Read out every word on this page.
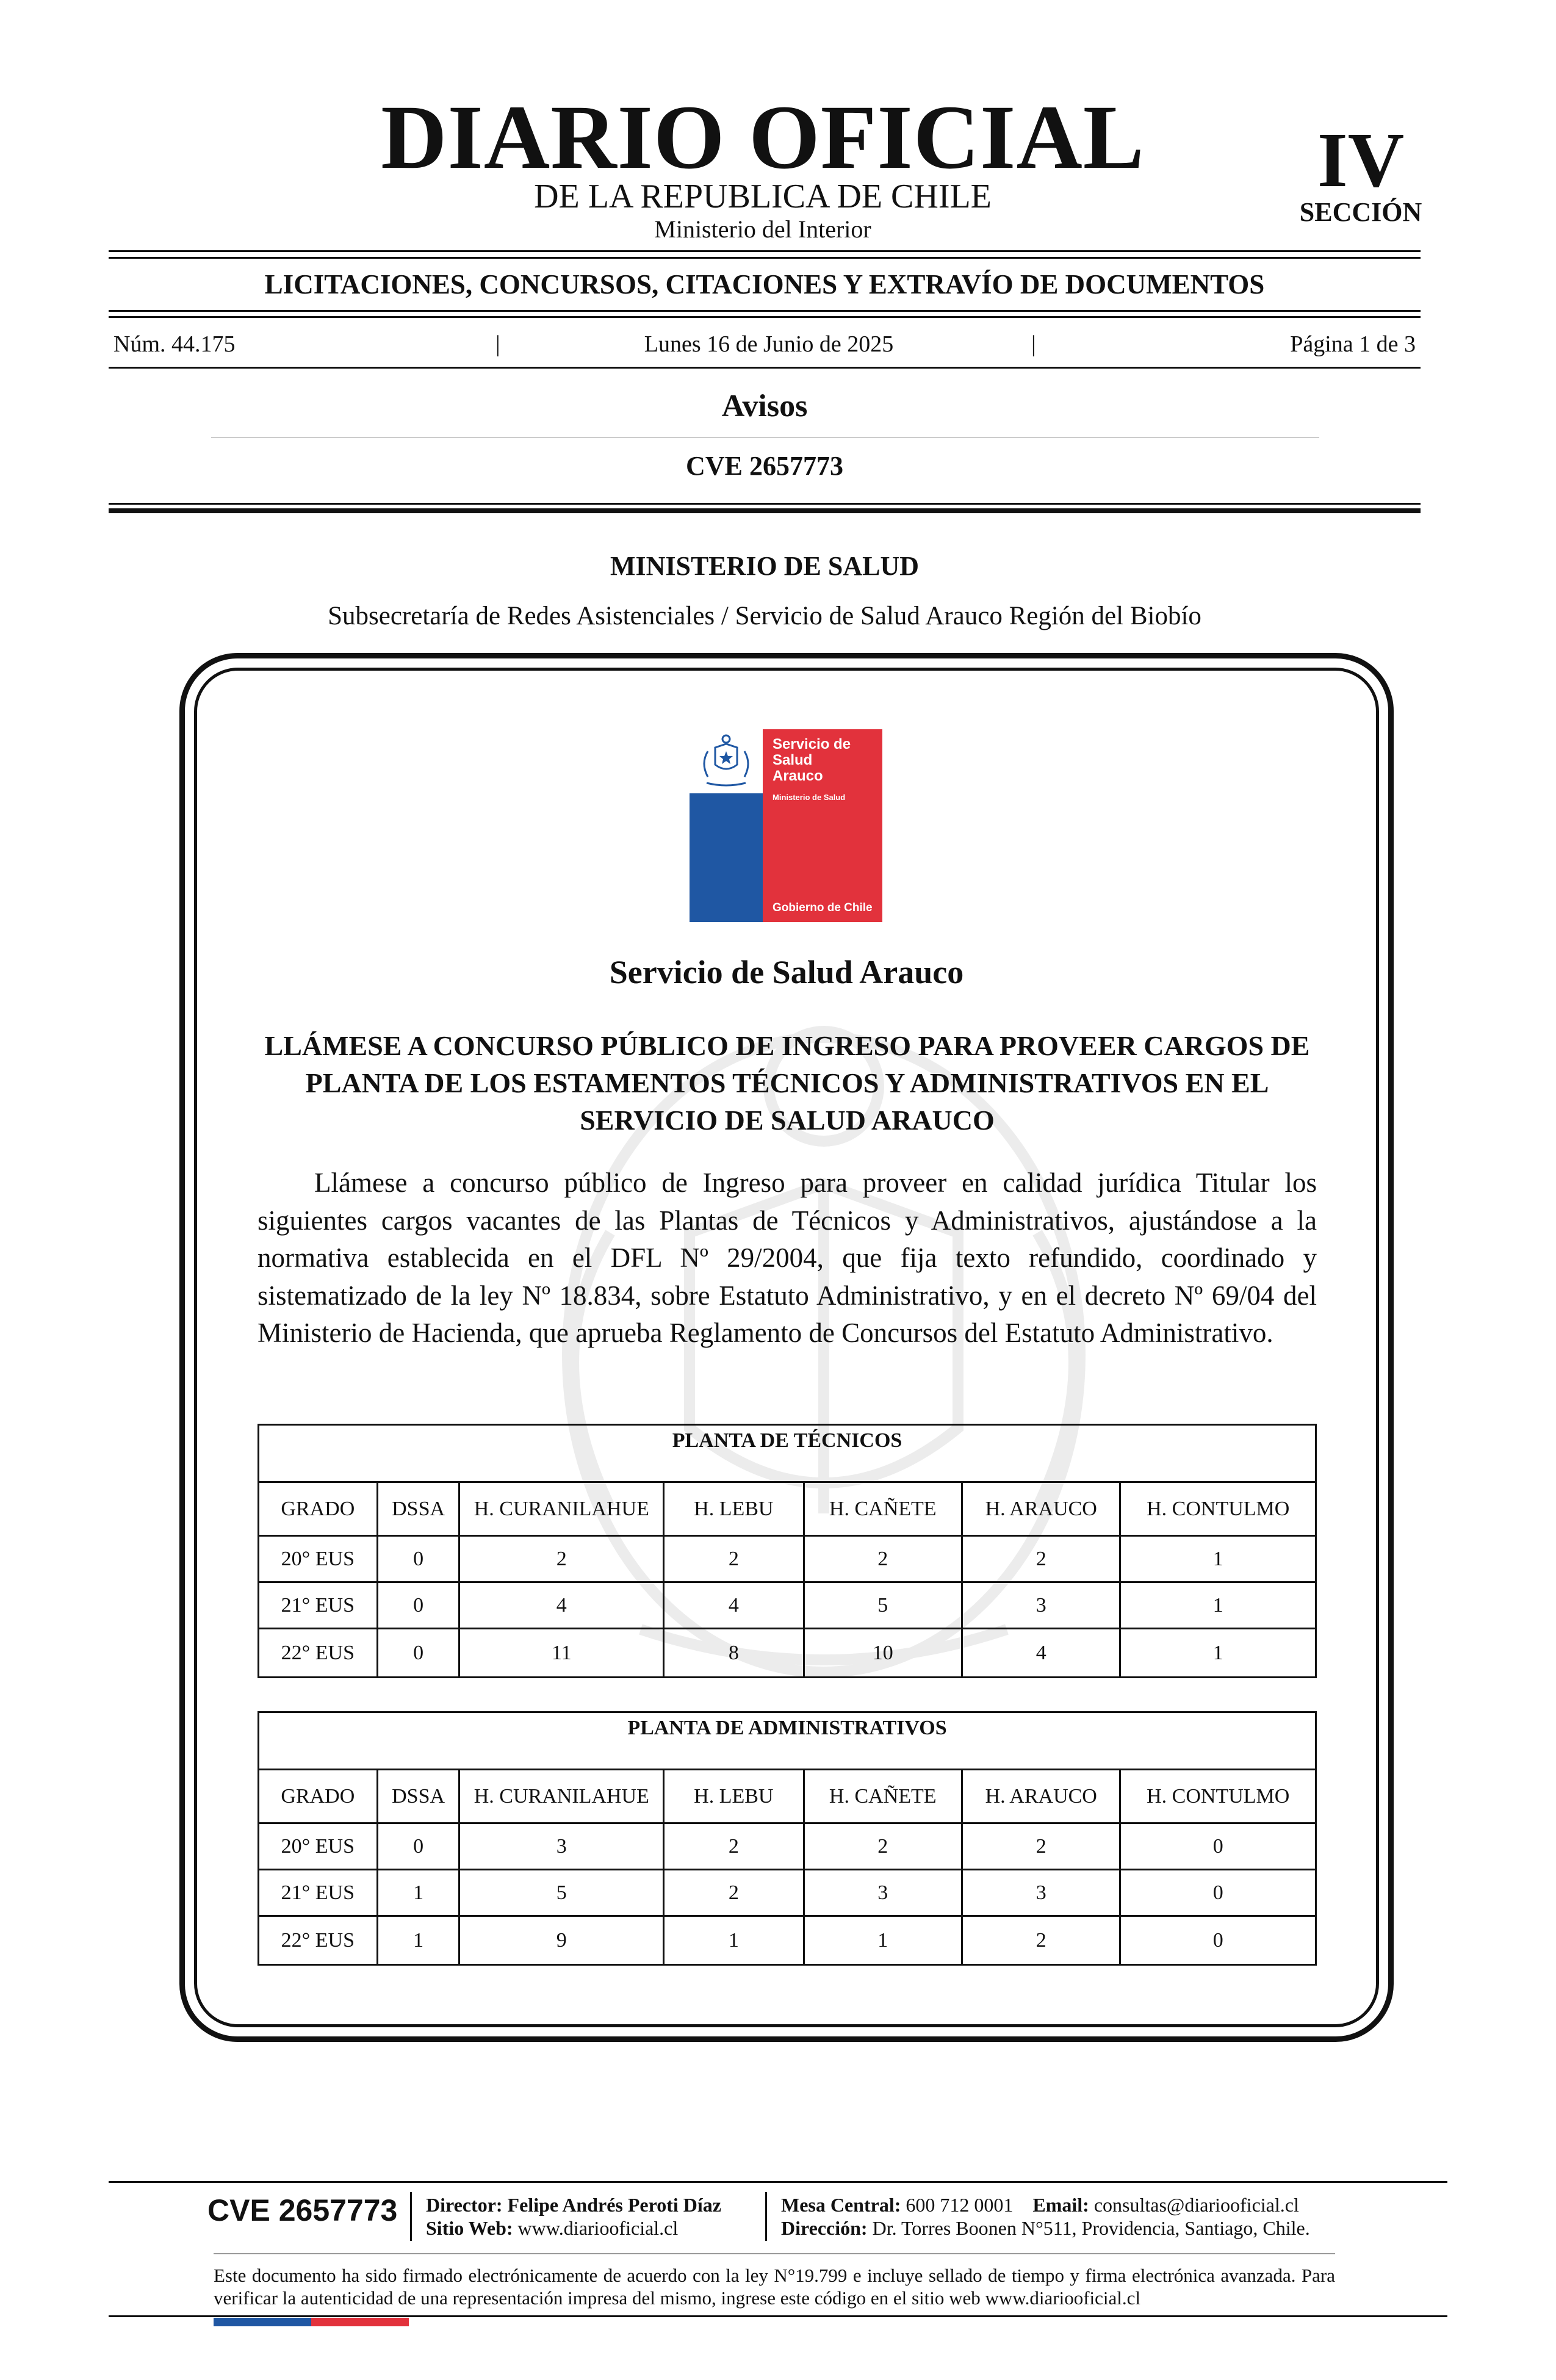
DIARIO OFICIAL
DE LA REPUBLICA DE CHILE
Ministerio del Interior
IV
SECCIÓN
LICITACIONES, CONCURSOS, CITACIONES Y EXTRAVÍO DE DOCUMENTOS
Núm. 44.175	|	Lunes 16 de Junio de 2025	|	Página 1 de 3
Avisos
CVE 2657773
MINISTERIO DE SALUD
Subsecretaría de Redes Asistenciales / Servicio de Salud Arauco Región del Biobío
Servicio de
Salud
Arauco
Ministerio de Salud
Gobierno de Chile
Servicio de Salud Arauco
LLÁMESE A CONCURSO PÚBLICO DE INGRESO PARA PROVEER CARGOS DE PLANTA DE LOS ESTAMENTOS TÉCNICOS Y ADMINISTRATIVOS EN EL SERVICIO DE SALUD ARAUCO
Llámese a concurso público de Ingreso para proveer en calidad jurídica Titular los siguientes cargos vacantes de las Plantas de Técnicos y Administrativos, ajustándose a la normativa establecida en el DFL Nº 29/2004, que fija texto refundido, coordinado y sistematizado de la ley Nº 18.834, sobre Estatuto Administrativo, y en el decreto Nº 69/04 del Ministerio de Hacienda, que aprueba Reglamento de Concursos del Estatuto Administrativo.
PLANTA DE TÉCNICOS						
GRADO	DSSA	H. CURANILAHUE	H. LEBU	H. CAÑETE	H. ARAUCO	H. CONTULMO
20° EUS	0	2	2	2	2	1
21° EUS	0	4	4	5	3	1
22° EUS	0	11	8	10	4	1
PLANTA DE ADMINISTRATIVOS						
GRADO	DSSA	H. CURANILAHUE	H. LEBU	H. CAÑETE	H. ARAUCO	H. CONTULMO
20° EUS	0	3	2	2	2	0
21° EUS	1	5	2	3	3	0
22° EUS	1	9	1	1	2	0
CVE 2657773 Director: Felipe Andrés Peroti Díaz
Sitio Web: www.diariooficial.cl
Mesa Central: 600 712 0001 Email: consultas@diariooficial.cl
Dirección: Dr. Torres Boonen N°511, Providencia, Santiago, Chile.
Este documento ha sido firmado electrónicamente de acuerdo con la ley N°19.799 e incluye sellado de tiempo y firma electrónica avanzada. Para verificar la autenticidad de una representación impresa del mismo, ingrese este código en el sitio web www.diariooficial.cl
